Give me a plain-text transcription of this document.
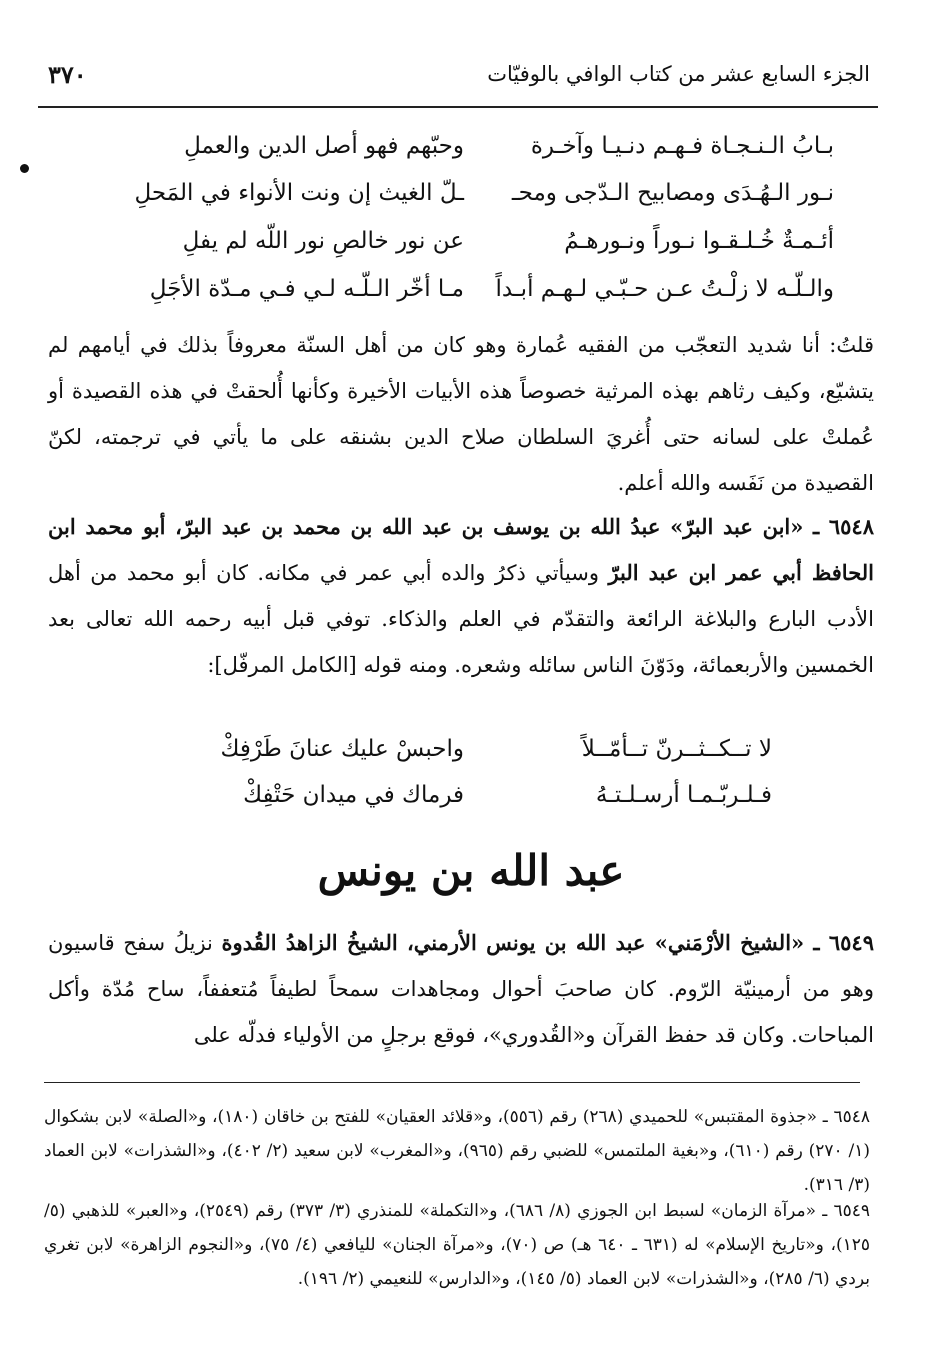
٣٧٠	الجزء السابع عشر من كتاب الوافي بالوفيّات
بـابُ الـنـجـاة فـهـم دنـيـا وآخـرة
وحبّهم فهو أصل الدين والعملِ
نـور الـهُـدَى ومصابيح الـدّجى ومحـ
ـلّ الغيث إن ونت الأنواء في المَحلِ
أئـمـةٌ خُـلـقـوا نـوراً ونـورهـمُ
عن نور خالصِ نور اللّه لم يفلِ
والـلّـه لا زلْـتُ عـن حـبّـي لـهـم أبـداً
مـا أخّر الـلّـه لـي فـي مـدّة الأجَلِ
قلتُ: أنا شديد التعجّب من الفقيه عُمارة وهو كان من أهل السنّة معروفاً بذلك في أيامهم لم يتشيّع، وكيف رثاهم بهذه المرثية خصوصاً هذه الأبيات الأخيرة وكأنها أُلحقتْ في هذه القصيدة أو عُملتْ على لسانه حتى أُغريَ السلطان صلاح الدين بشنقه على ما يأتي في ترجمته، لكنّ القصيدة من نَفَسه والله أعلم.
٦٥٤٨ ـ «ابن عبد البرّ» عبدُ الله بن يوسف بن عبد الله بن محمد بن عبد البرّ، أبو محمد ابن الحافظ أبي عمر ابن عبد البرّ وسيأتي ذكرُ والده أبي عمر في مكانه. كان أبو محمد من أهل الأدب البارع والبلاغة الرائعة والتقدّم في العلم والذكاء. توفي قبل أبيه رحمه الله تعالى بعد الخمسين والأربعمائة، ودَوّنَ الناس سائله وشعره. ومنه قوله [الكامل المرفّل]:
لا تــكــثــرنّ تــأمّــلاً
واحبسْ عليك عنانَ طَرْفِكْ
فـلـربّـمـا أرسـلـتـهُ
فرماك في ميدان حَتْفِكْ
عبد الله بن يونس
٦٥٤٩ ـ «الشيخ الأرْمَني» عبد الله بن يونس الأرمني، الشيخُ الزاهدُ القُدوة نزيلُ سفح قاسيون وهو من أرمينيّة الرّوم. كان صاحبَ أحوال ومجاهدات سمحاً لطيفاً مُتعففاً، ساح مُدّة وأكل المباحات. وكان قد حفظ القرآن و«القُدوري»، فوقع برجلٍ من الأولياء فدلّه على
٦٥٤٨ ـ «جذوة المقتبس» للحميدي (٢٦٨) رقم (٥٥٦)، و«قلائد العقيان» للفتح بن خاقان (١٨٠)، و«الصلة» لابن بشكوال (١/ ٢٧٠) رقم (٦١٠)، و«بغية الملتمس» للضبي رقم (٩٦٥)، و«المغرب» لابن سعيد (٢/ ٤٠٢)، و«الشذرات» لابن العماد (٣/ ٣١٦).
٦٥٤٩ ـ «مرآة الزمان» لسبط ابن الجوزي (٨/ ٦٨٦)، و«التكملة» للمنذري (٣/ ٣٧٣) رقم (٢٥٤٩)، و«العبر» للذهبي (٥/ ١٢٥)، و«تاريخ الإسلام» له (٦٣١ ـ ٦٤٠ هـ) ص (٧٠)، و«مرآة الجنان» لليافعي (٤/ ٧٥)، و«النجوم الزاهرة» لابن تغري بردي (٦/ ٢٨٥)، و«الشذرات» لابن العماد (٥/ ١٤٥)، و«الدارس» للنعيمي (٢/ ١٩٦).
